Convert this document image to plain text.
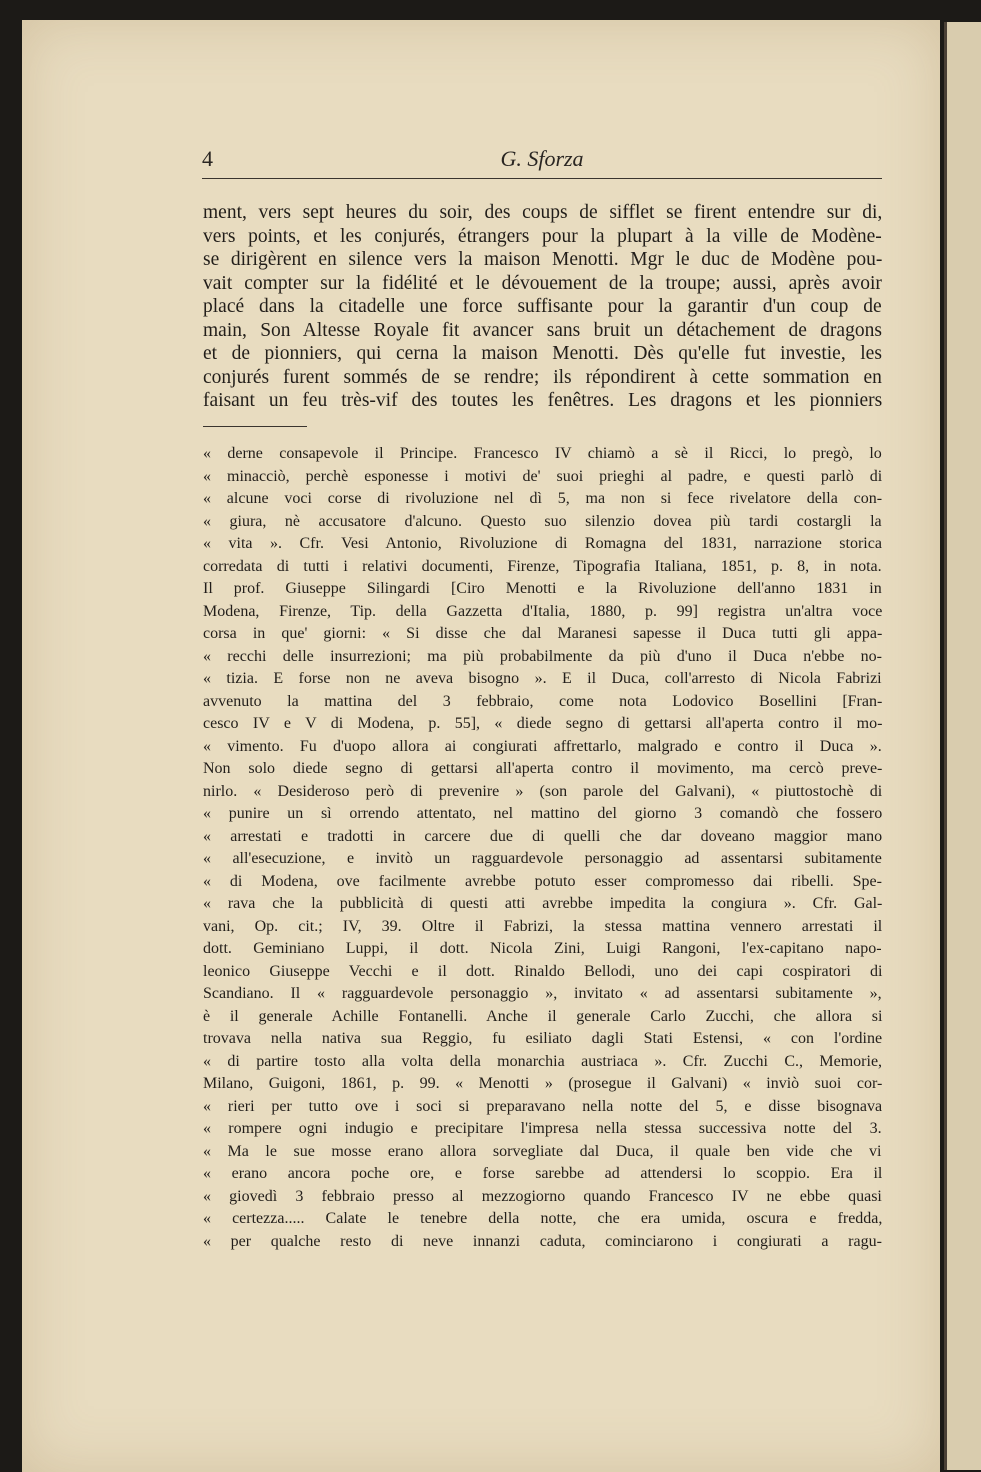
4	G. Sforza
ment, vers sept heures du soir, des coups de sifflet se firent entendre sur di,
vers points, et les conjurés, étrangers pour la plupart à la ville de Modène-
se dirigèrent en silence vers la maison Menotti. Mgr le duc de Modène pou-
vait compter sur la fidélité et le dévouement de la troupe; aussi, après avoir
placé dans la citadelle une force suffisante pour la garantir d'un coup de
main, Son Altesse Royale fit avancer sans bruit un détachement de dragons
et de pionniers, qui cerna la maison Menotti. Dès qu'elle fut investie, les
conjurés furent sommés de se rendre; ils répondirent à cette sommation en
faisant un feu très-vif des toutes les fenêtres. Les dragons et les pionniers
« derne consapevole il Principe. Francesco IV chiamò a sè il Ricci, lo pregò, lo
« minacciò, perchè esponesse i motivi de' suoi prieghi al padre, e questi parlò di
« alcune voci corse di rivoluzione nel dì 5, ma non si fece rivelatore della con-
« giura, nè accusatore d'alcuno. Questo suo silenzio dovea più tardi costargli la
« vita ». Cfr. Vesi Antonio, Rivoluzione di Romagna del 1831, narrazione storica
corredata di tutti i relativi documenti, Firenze, Tipografia Italiana, 1851, p. 8, in nota.
Il prof. Giuseppe Silingardi [Ciro Menotti e la Rivoluzione dell'anno 1831 in
Modena, Firenze, Tip. della Gazzetta d'Italia, 1880, p. 99] registra un'altra voce
corsa in que' giorni: « Si disse che dal Maranesi sapesse il Duca tutti gli appa-
« recchi delle insurrezioni; ma più probabilmente da più d'uno il Duca n'ebbe no-
« tizia. E forse non ne aveva bisogno ». E il Duca, coll'arresto di Nicola Fabrizi
avvenuto la mattina del 3 febbraio, come nota Lodovico Bosellini [Fran-
cesco IV e V di Modena, p. 55], « diede segno di gettarsi all'aperta contro il mo-
« vimento. Fu d'uopo allora ai congiurati affrettarlo, malgrado e contro il Duca ».
Non solo diede segno di gettarsi all'aperta contro il movimento, ma cercò preve-
nirlo. « Desideroso però di prevenire » (son parole del Galvani), « piuttostochè di
« punire un sì orrendo attentato, nel mattino del giorno 3 comandò che fossero
« arrestati e tradotti in carcere due di quelli che dar doveano maggior mano
« all'esecuzione, e invitò un ragguardevole personaggio ad assentarsi subitamente
« di Modena, ove facilmente avrebbe potuto esser compromesso dai ribelli. Spe-
« rava che la pubblicità di questi atti avrebbe impedita la congiura ». Cfr. Gal-
vani, Op. cit.; IV, 39. Oltre il Fabrizi, la stessa mattina vennero arrestati il
dott. Geminiano Luppi, il dott. Nicola Zini, Luigi Rangoni, l'ex-capitano napo-
leonico Giuseppe Vecchi e il dott. Rinaldo Bellodi, uno dei capi cospiratori di
Scandiano. Il « ragguardevole personaggio », invitato « ad assentarsi subitamente »,
è il generale Achille Fontanelli. Anche il generale Carlo Zucchi, che allora si
trovava nella nativa sua Reggio, fu esiliato dagli Stati Estensi, « con l'ordine
« di partire tosto alla volta della monarchia austriaca ». Cfr. Zucchi C., Memorie,
Milano, Guigoni, 1861, p. 99. « Menotti » (prosegue il Galvani) « inviò suoi cor-
« rieri per tutto ove i soci si preparavano nella notte del 5, e disse bisognava
« rompere ogni indugio e precipitare l'impresa nella stessa successiva notte del 3.
« Ma le sue mosse erano allora sorvegliate dal Duca, il quale ben vide che vi
« erano ancora poche ore, e forse sarebbe ad attendersi lo scoppio. Era il
« giovedì 3 febbraio presso al mezzogiorno quando Francesco IV ne ebbe quasi
« certezza..... Calate le tenebre della notte, che era umida, oscura e fredda,
« per qualche resto di neve innanzi caduta, cominciarono i congiurati a ragu-
